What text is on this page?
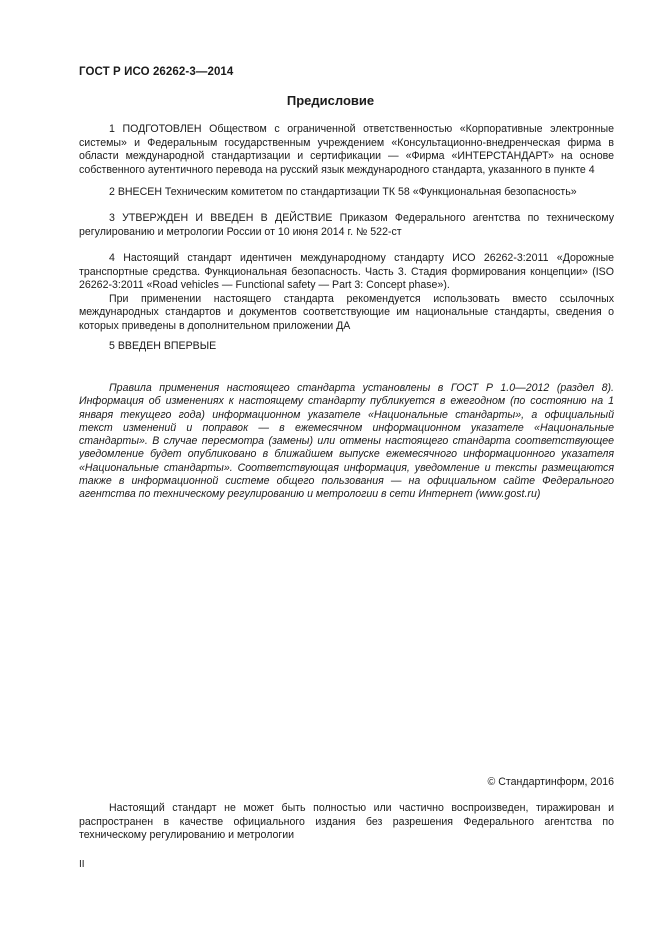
ГОСТ Р ИСО 26262-3—2014
Предисловие

1 ПОДГОТОВЛЕН Обществом с ограниченной ответственностью «Корпоративные электронные системы» и Федеральным государственным учреждением «Консультационно-внедренческая фирма в области международной стандартизации и сертификации — «Фирма «ИНТЕРСТАНДАРТ» на основе собственного аутентичного перевода на русский язык международного стандарта, указанного в пункте 4

2 ВНЕСЕН Техническим комитетом по стандартизации ТК 58 «Функциональная безопасность»

3 УТВЕРЖДЕН И ВВЕДЕН В ДЕЙСТВИЕ Приказом Федерального агентства по техническому регулированию и метрологии России от 10 июня 2014 г. № 522-ст

4 Настоящий стандарт идентичен международному стандарту ИСО 26262-3:2011 «Дорожные транспортные средства. Функциональная безопасность. Часть 3. Стадия формирования концепции» (ISO 26262-3:2011 «Road vehicles — Functional safety — Part 3: Concept phase»).

При применении настоящего стандарта рекомендуется использовать вместо ссылочных международных стандартов и документов соответствующие им национальные стандарты, сведения о которых приведены в дополнительном приложении ДА

5 ВВЕДЕН ВПЕРВЫЕ

Правила применения настоящего стандарта установлены в ГОСТ Р 1.0—2012 (раздел 8). Информация об изменениях к настоящему стандарту публикуется в ежегодном (по состоянию на 1 января текущего года) информационном указателе «Национальные стандарты», а официальный текст изменений и поправок — в ежемесячном информационном указателе «Национальные стандарты». В случае пересмотра (замены) или отмены настоящего стандарта соответствующее уведомление будет опубликовано в ближайшем выпуске ежемесячного информационного указателя «Национальные стандарты». Соответствующая информация, уведомление и тексты размещаются также в информационной системе общего пользования — на официальном сайте Федерального агентства по техническому регулированию и метрологии в сети Интернет (www.gost.ru)

© Стандартинформ, 2016

Настоящий стандарт не может быть полностью или частично воспроизведен, тиражирован и распространен в качестве официального издания без разрешения Федерального агентства по техническому регулированию и метрологии

II
